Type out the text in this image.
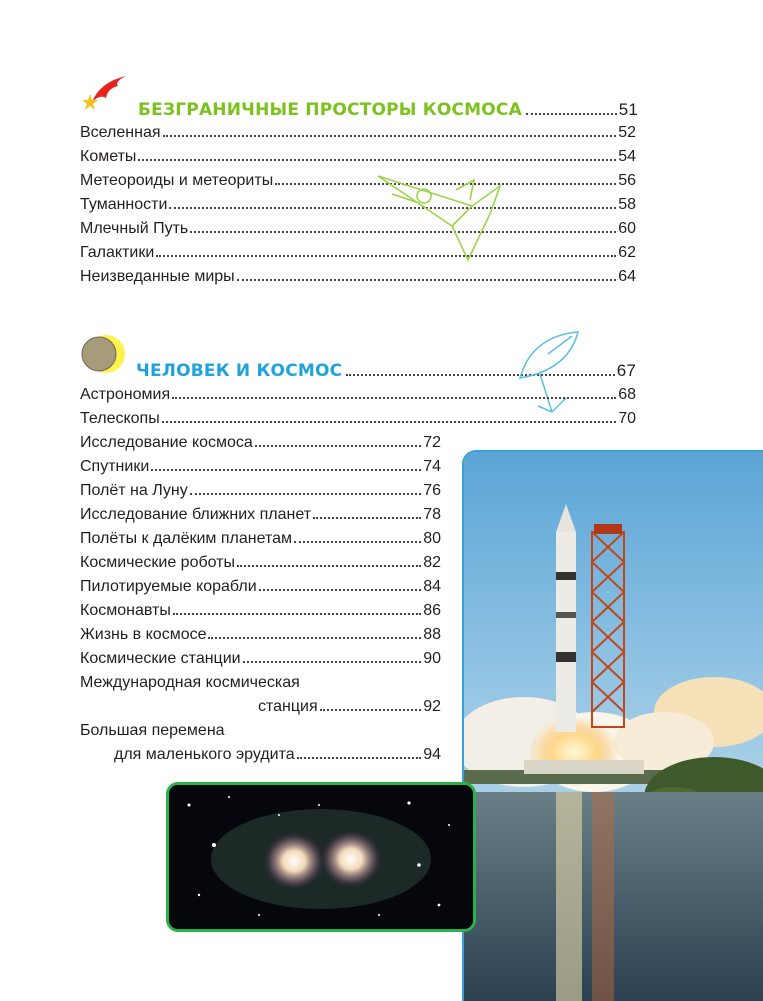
БЕЗГРАНИЧНЫЕ ПРОСТОРЫ КОСМОСА	51
Вселенная	52
Кометы	54
Метеороиды и метеориты	56
Туманности	58
Млечный Путь	60
Галактики	62
Неизведанные миры	64
ЧЕЛОВЕК И КОСМОС	67
Астрономия	68
Телескопы	70
Исследование космоса	72
Спутники	74
Полёт на Луну	76
Исследование ближних планет	78
Полёты к далёким планетам	80
Космические роботы	82
Пилотируемые корабли	84
Космонавты	86
Жизнь в космосе	88
Космические станции	90
Международная космическая
станция	92
Большая перемена
для маленького эрудита	94
